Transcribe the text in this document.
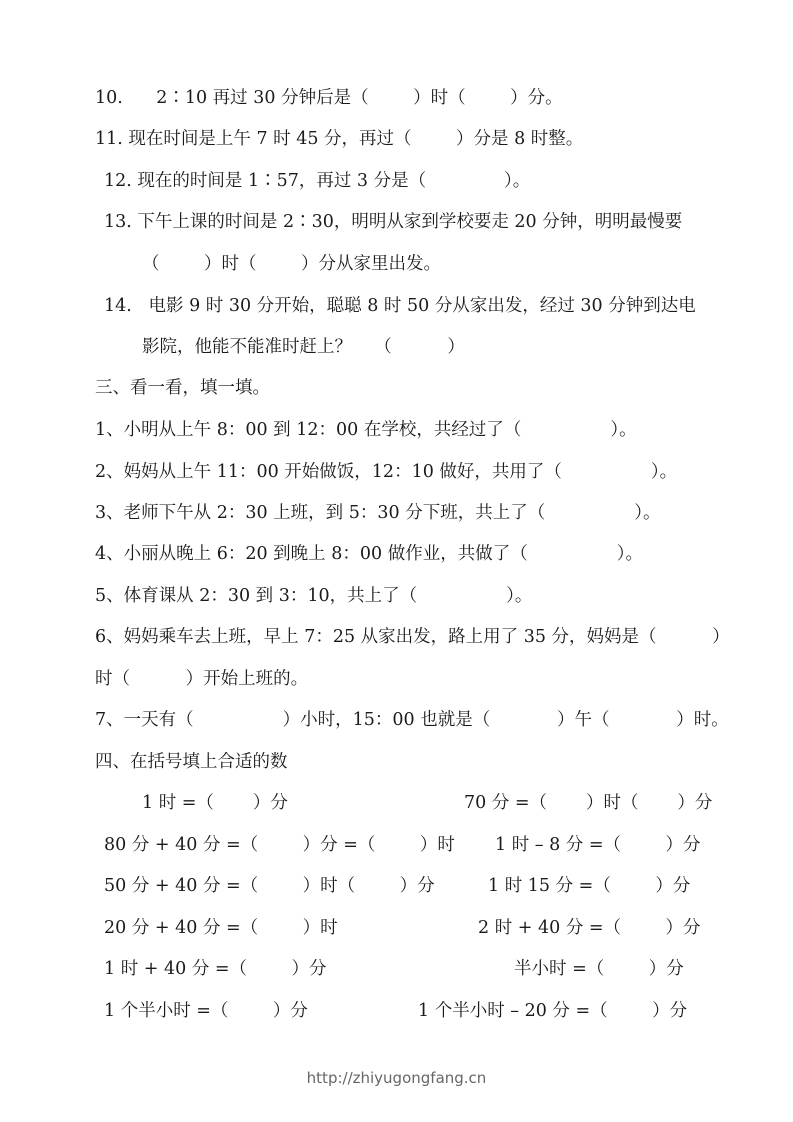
10.      2∶10 再过 30 分钟后是（        ）时（        ）分。
11. 现在时间是上午 7 时 45 分，再过（        ）分是 8 时整。
12. 现在的时间是 1∶57，再过 3 分是（              ）。
13. 下午上课的时间是 2∶30，明明从家到学校要走 20 分钟，明明最慢要
（        ）时（        ）分从家里出发。
14.   电影 9 时 30 分开始，聪聪 8 时 50 分从家出发，经过 30 分钟到达电
影院，他能不能准时赶上？    （          ）
三、看一看，填一填。
1、小明从上午 8：00 到 12：00 在学校，共经过了（                ）。
2、妈妈从上午 11：00 开始做饭，12：10 做好，共用了（                ）。
3、老师下午从 2：30 上班，到 5：30 分下班，共上了（                ）。
4、小丽从晚上 6：20 到晚上 8：00 做作业，共做了（                ）。
5、体育课从 2：30 到 3：10，共上了（                ）。
6、妈妈乘车去上班，早上 7：25 从家出发，路上用了 35 分，妈妈是（          ）
时（          ）开始上班的。
7、一天有（                ）小时，15：00 也就是（            ）午（            ）时。
四、在括号填上合适的数
1 时 =（       ）分	70 分 =（       ）时（       ）分
80 分 + 40 分 =（        ）分 =（        ）时 1 时 – 8 分 =（        ）分
50 分 + 40 分 =（        ）时（        ）分	1 时 15 分 =（        ）分
20 分 + 40 分 =（        ）时	2 时 + 40 分 =（        ）分
1 时 + 40 分 =（        ）分	半小时 =（        ）分
1 个半小时 =（        ）分	1 个半小时 – 20 分 =（        ）分
http://zhiyugongfang.cn
